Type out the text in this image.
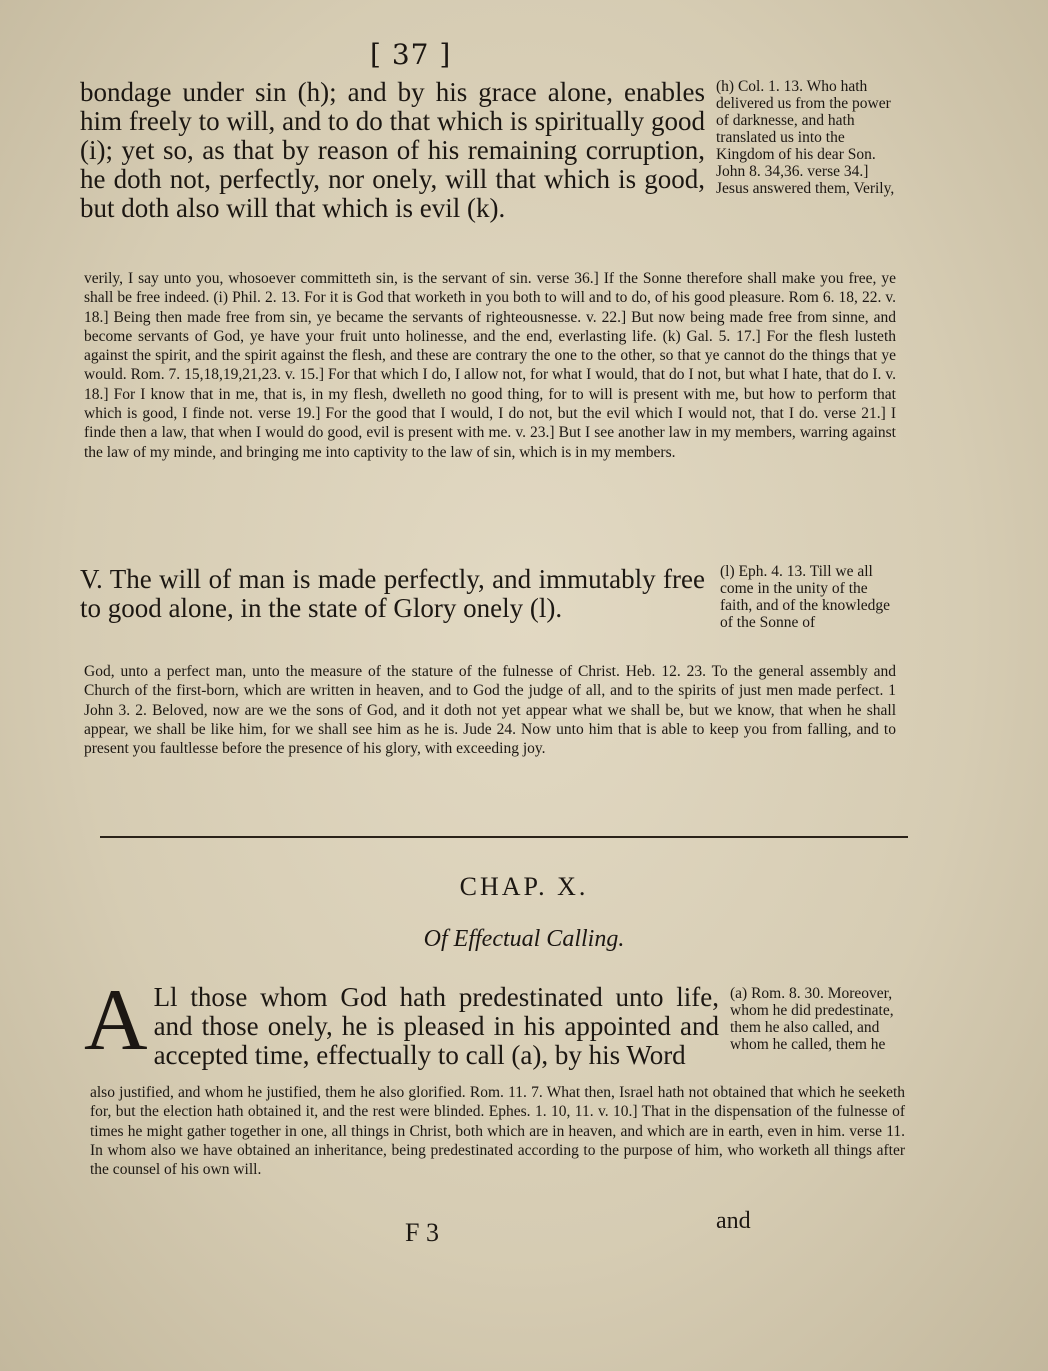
[ 37 ]
bondage under sin (h); and by his grace alone, enables him freely to will, and to do that which is spiritually good (i); yet so, as that by reason of his remaining corruption, he doth not, perfectly, nor onely, will that which is good, but doth also will that which is evil (k).
(h) Col. 1. 13. Who hath delivered us from the power of darknesse, and hath translated us into the Kingdom of his dear Son. John 8. 34,36. verse 34.] Jesus answered them, Verily,
verily, I say unto you, whosoever committeth sin, is the servant of sin. verse 36.] If the Sonne therefore shall make you free, ye shall be free indeed. (i) Phil. 2. 13. For it is God that worketh in you both to will and to do, of his good pleasure. Rom 6. 18, 22. v. 18.] Being then made free from sin, ye became the servants of righteousnesse. v. 22.] But now being made free from sinne, and become servants of God, ye have your fruit unto holinesse, and the end, everlasting life. (k) Gal. 5. 17.] For the flesh lusteth against the spirit, and the spirit against the flesh, and these are contrary the one to the other, so that ye cannot do the things that ye would. Rom. 7. 15,18,19,21,23. v. 15.] For that which I do, I allow not, for what I would, that do I not, but what I hate, that do I. v. 18.] For I know that in me, that is, in my flesh, dwelleth no good thing, for to will is present with me, but how to perform that which is good, I finde not. verse 19.] For the good that I would, I do not, but the evil which I would not, that I do. verse 21.] I finde then a law, that when I would do good, evil is present with me. v. 23.] But I see another law in my members, warring against the law of my minde, and bringing me into captivity to the law of sin, which is in my members.
V. The will of man is made perfectly, and immutably free to good alone, in the state of Glory onely (l).
(l) Eph. 4. 13. Till we all come in the unity of the faith, and of the knowledge of the Sonne of
God, unto a perfect man, unto the measure of the stature of the fulnesse of Christ. Heb. 12. 23. To the general assembly and Church of the first-born, which are written in heaven, and to God the judge of all, and to the spirits of just men made perfect. 1 John 3. 2. Beloved, now are we the sons of God, and it doth not yet appear what we shall be, but we know, that when he shall appear, we shall be like him, for we shall see him as he is. Jude 24. Now unto him that is able to keep you from falling, and to present you faultlesse before the presence of his glory, with exceeding joy.
CHAP. X.
Of Effectual Calling.
A Ll those whom God hath predestinated unto life, and those onely, he is pleased in his appointed and accepted time, effectually to call (a), by his Word
(a) Rom. 8. 30. Moreover, whom he did predestinate, them he also called, and whom he called, them he
also justified, and whom he justified, them he also glorified. Rom. 11. 7. What then, Israel hath not obtained that which he seeketh for, but the election hath obtained it, and the rest were blinded. Ephes. 1. 10, 11. v. 10.] That in the dispensation of the fulnesse of times he might gather together in one, all things in Christ, both which are in heaven, and which are in earth, even in him. verse 11. In whom also we have obtained an inheritance, being predestinated according to the purpose of him, who worketh all things after the counsel of his own will.
F 3	and
